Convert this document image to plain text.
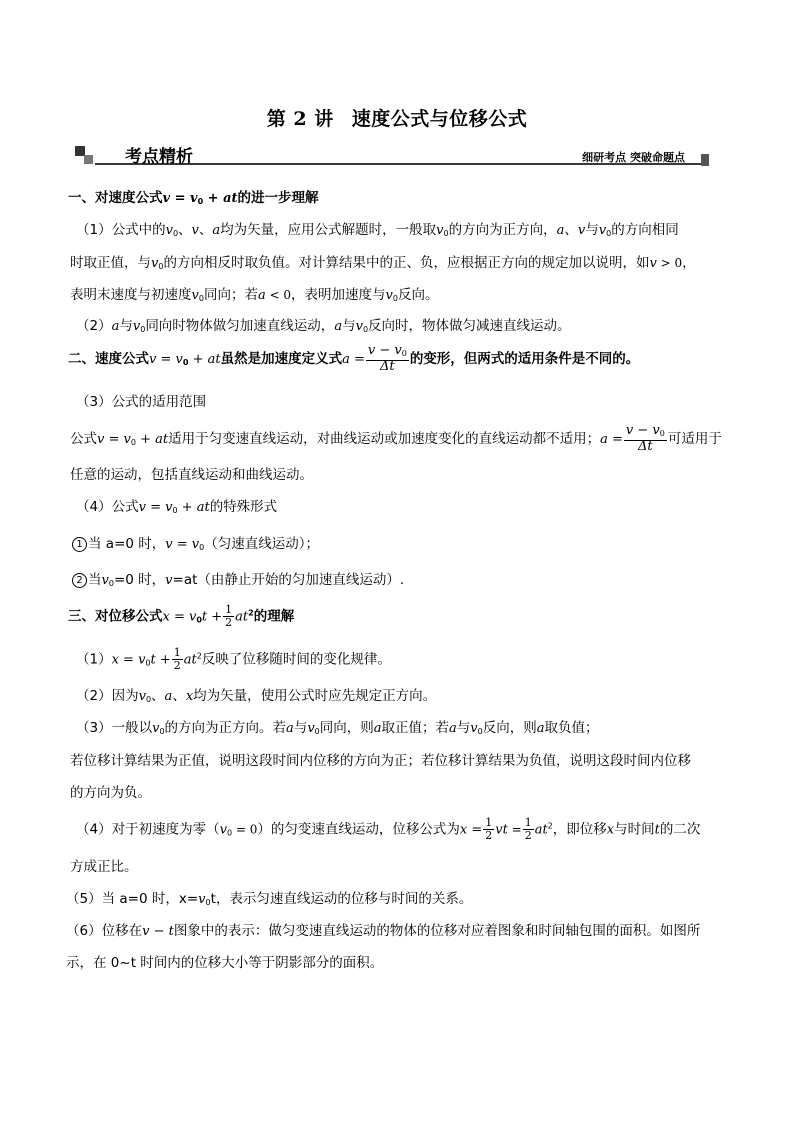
第 2 讲 速度公式与位移公式
考点精析	细研考点 突破命题点
一、对速度公式$v = v_0$ + at的进一步理解
（1）公式中的$v_0$、v、a均为矢量，应用公式解题时，一般取$v_0$的方向为正方向，a、v与$v_0$的方向相同
时取正值，与$v_0$的方向相反时取负值。对计算结果中的正、负，应根据正方向的规定加以说明，如v > 0，
表明末速度与初速度$v_0$同向；若a < 0，表明加速度与$v_0$反向。
（2）a与$v_0$同向时物体做匀加速直线运动，a与$v_0$反向时，物体做匀减速直线运动。
二、速度公式$v = v_0$ + at虽然是加速度定义式$a = \frac{v - v_0}{\Delta t}$ 的变形，但两式的适用条件是不同的。
（3）公式的适用范围
公式$v = v_0$ + at适用于匀变速直线运动，对曲线运动或加速度变化的直线运动都不适用；$a = \frac{v - v_0}{\Delta t}$ 可适用于
任意的运动，包括直线运动和曲线运动。
（4）公式$v = v_0$ + at的特殊形式
1 当 a=0 时，$v = v_0$（匀速直线运动）；
2 当$v_0=0$ 时，v=at（由静止开始的匀加速直线运动）.
三、对位移公式$x = v_0t + \frac{1}{2} at^2$的理解
$(1)x = v_0t + \frac{1}{2} at^2$反映了位移随时间的变化规律。
（2）因为$v_0$、a、x均为矢量，使用公式时应先规定正方向。
（3）一般以$v_0$的方向为正方向。若a与$v_0$同向，则a取正值；若a与$v_0$反向，则a取负值；
若位移计算结果为正值，说明这段时间内位移的方向为正；若位移计算结果为负值，说明这段时间内位移
的方向为负。
（4）对于初速度为零$(v_0 = 0)$的匀变速直线运动，位移公式为$x = \frac{1}{2}$ vt = $\frac{1}{2} at^2$，即位移x与时间t的二次
方成正比。
（5）当 a=0 时，$x=v_0t$，表示匀速直线运动的位移与时间的关系。
（6）位移在v − t图象中的表示：做匀变速直线运动的物体的位移对应着图象和时间轴包围的面积。如图所
示，在 0~t 时间内的位移大小等于阴影部分的面积。
